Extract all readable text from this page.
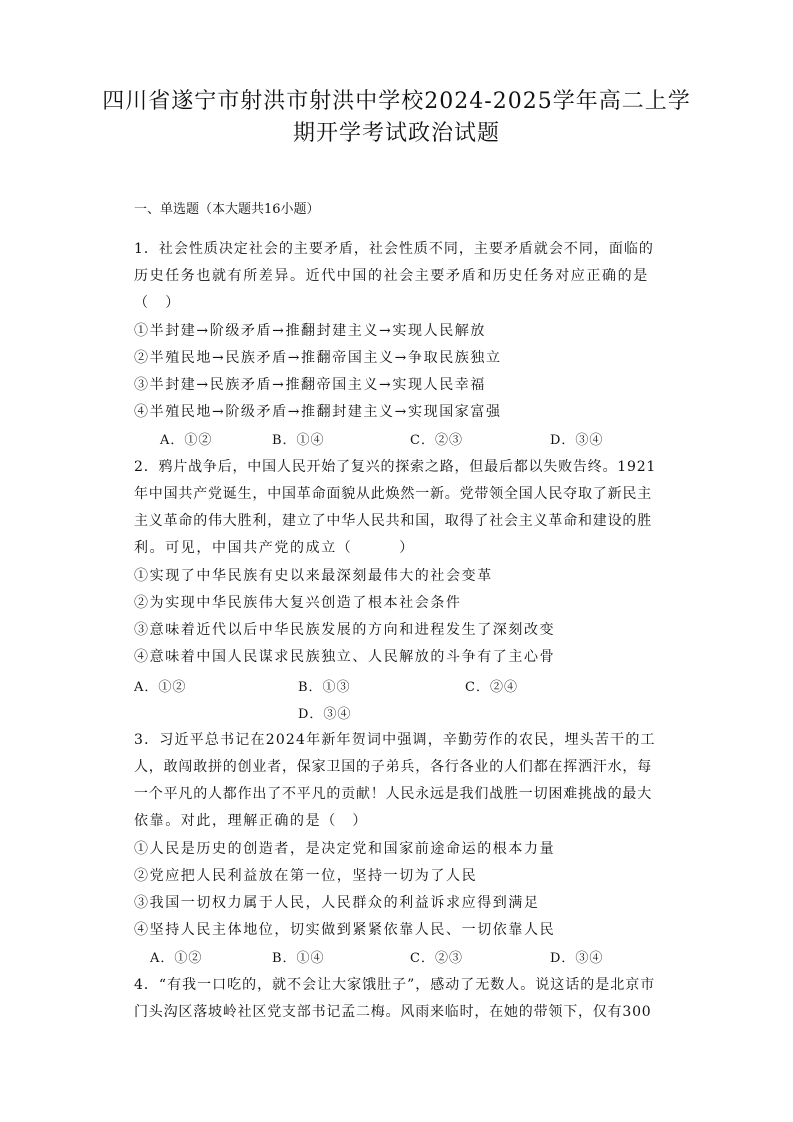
四川省遂宁市射洪市射洪中学校2024-2025学年高二上学
期开学考试政治试题
一、单选题（本大题共16小题）
1．社会性质决定社会的主要矛盾，社会性质不同，主要矛盾就会不同，面临的
历史任务也就有所差异。近代中国的社会主要矛盾和历史任务对应正确的是
（　）
①半封建→阶级矛盾→推翻封建主义→实现人民解放
②半殖民地→民族矛盾→推翻帝国主义→争取民族独立
③半封建→民族矛盾→推翻帝国主义→实现人民幸福
④半殖民地→阶级矛盾→推翻封建主义→实现国家富强
A．①②	B．①④	C．②③	D．③④
2．鸦片战争后，中国人民开始了复兴的探索之路，但最后都以失败告终。1921
年中国共产党诞生，中国革命面貌从此焕然一新。党带领全国人民夺取了新民主
主义革命的伟大胜利，建立了中华人民共和国，取得了社会主义革命和建设的胜
利。可见，中国共产党的成立（　　　）
①实现了中华民族有史以来最深刻最伟大的社会变革
②为实现中华民族伟大复兴创造了根本社会条件
③意味着近代以后中华民族发展的方向和进程发生了深刻改变
④意味着中国人民谋求民族独立、人民解放的斗争有了主心骨
A．①②	B．①③	C．②④
D．③④
3．习近平总书记在2024年新年贺词中强调，辛勤劳作的农民，埋头苦干的工
人，敢闯敢拼的创业者，保家卫国的子弟兵，各行各业的人们都在挥洒汗水，每
一个平凡的人都作出了不平凡的贡献！人民永远是我们战胜一切困难挑战的最大
依靠。对此，理解正确的是（　）
①人民是历史的创造者，是决定党和国家前途命运的根本力量
②党应把人民利益放在第一位，坚持一切为了人民
③我国一切权力属于人民，人民群众的利益诉求应得到满足
④坚持人民主体地位，切实做到紧紧依靠人民、一切依靠人民
A．①②	B．①④	C．②③	D．③④
4．“有我一口吃的，就不会让大家饿肚子”，感动了无数人。说这话的是北京市
门头沟区落坡岭社区党支部书记孟二梅。风雨来临时，在她的带领下，仅有300
